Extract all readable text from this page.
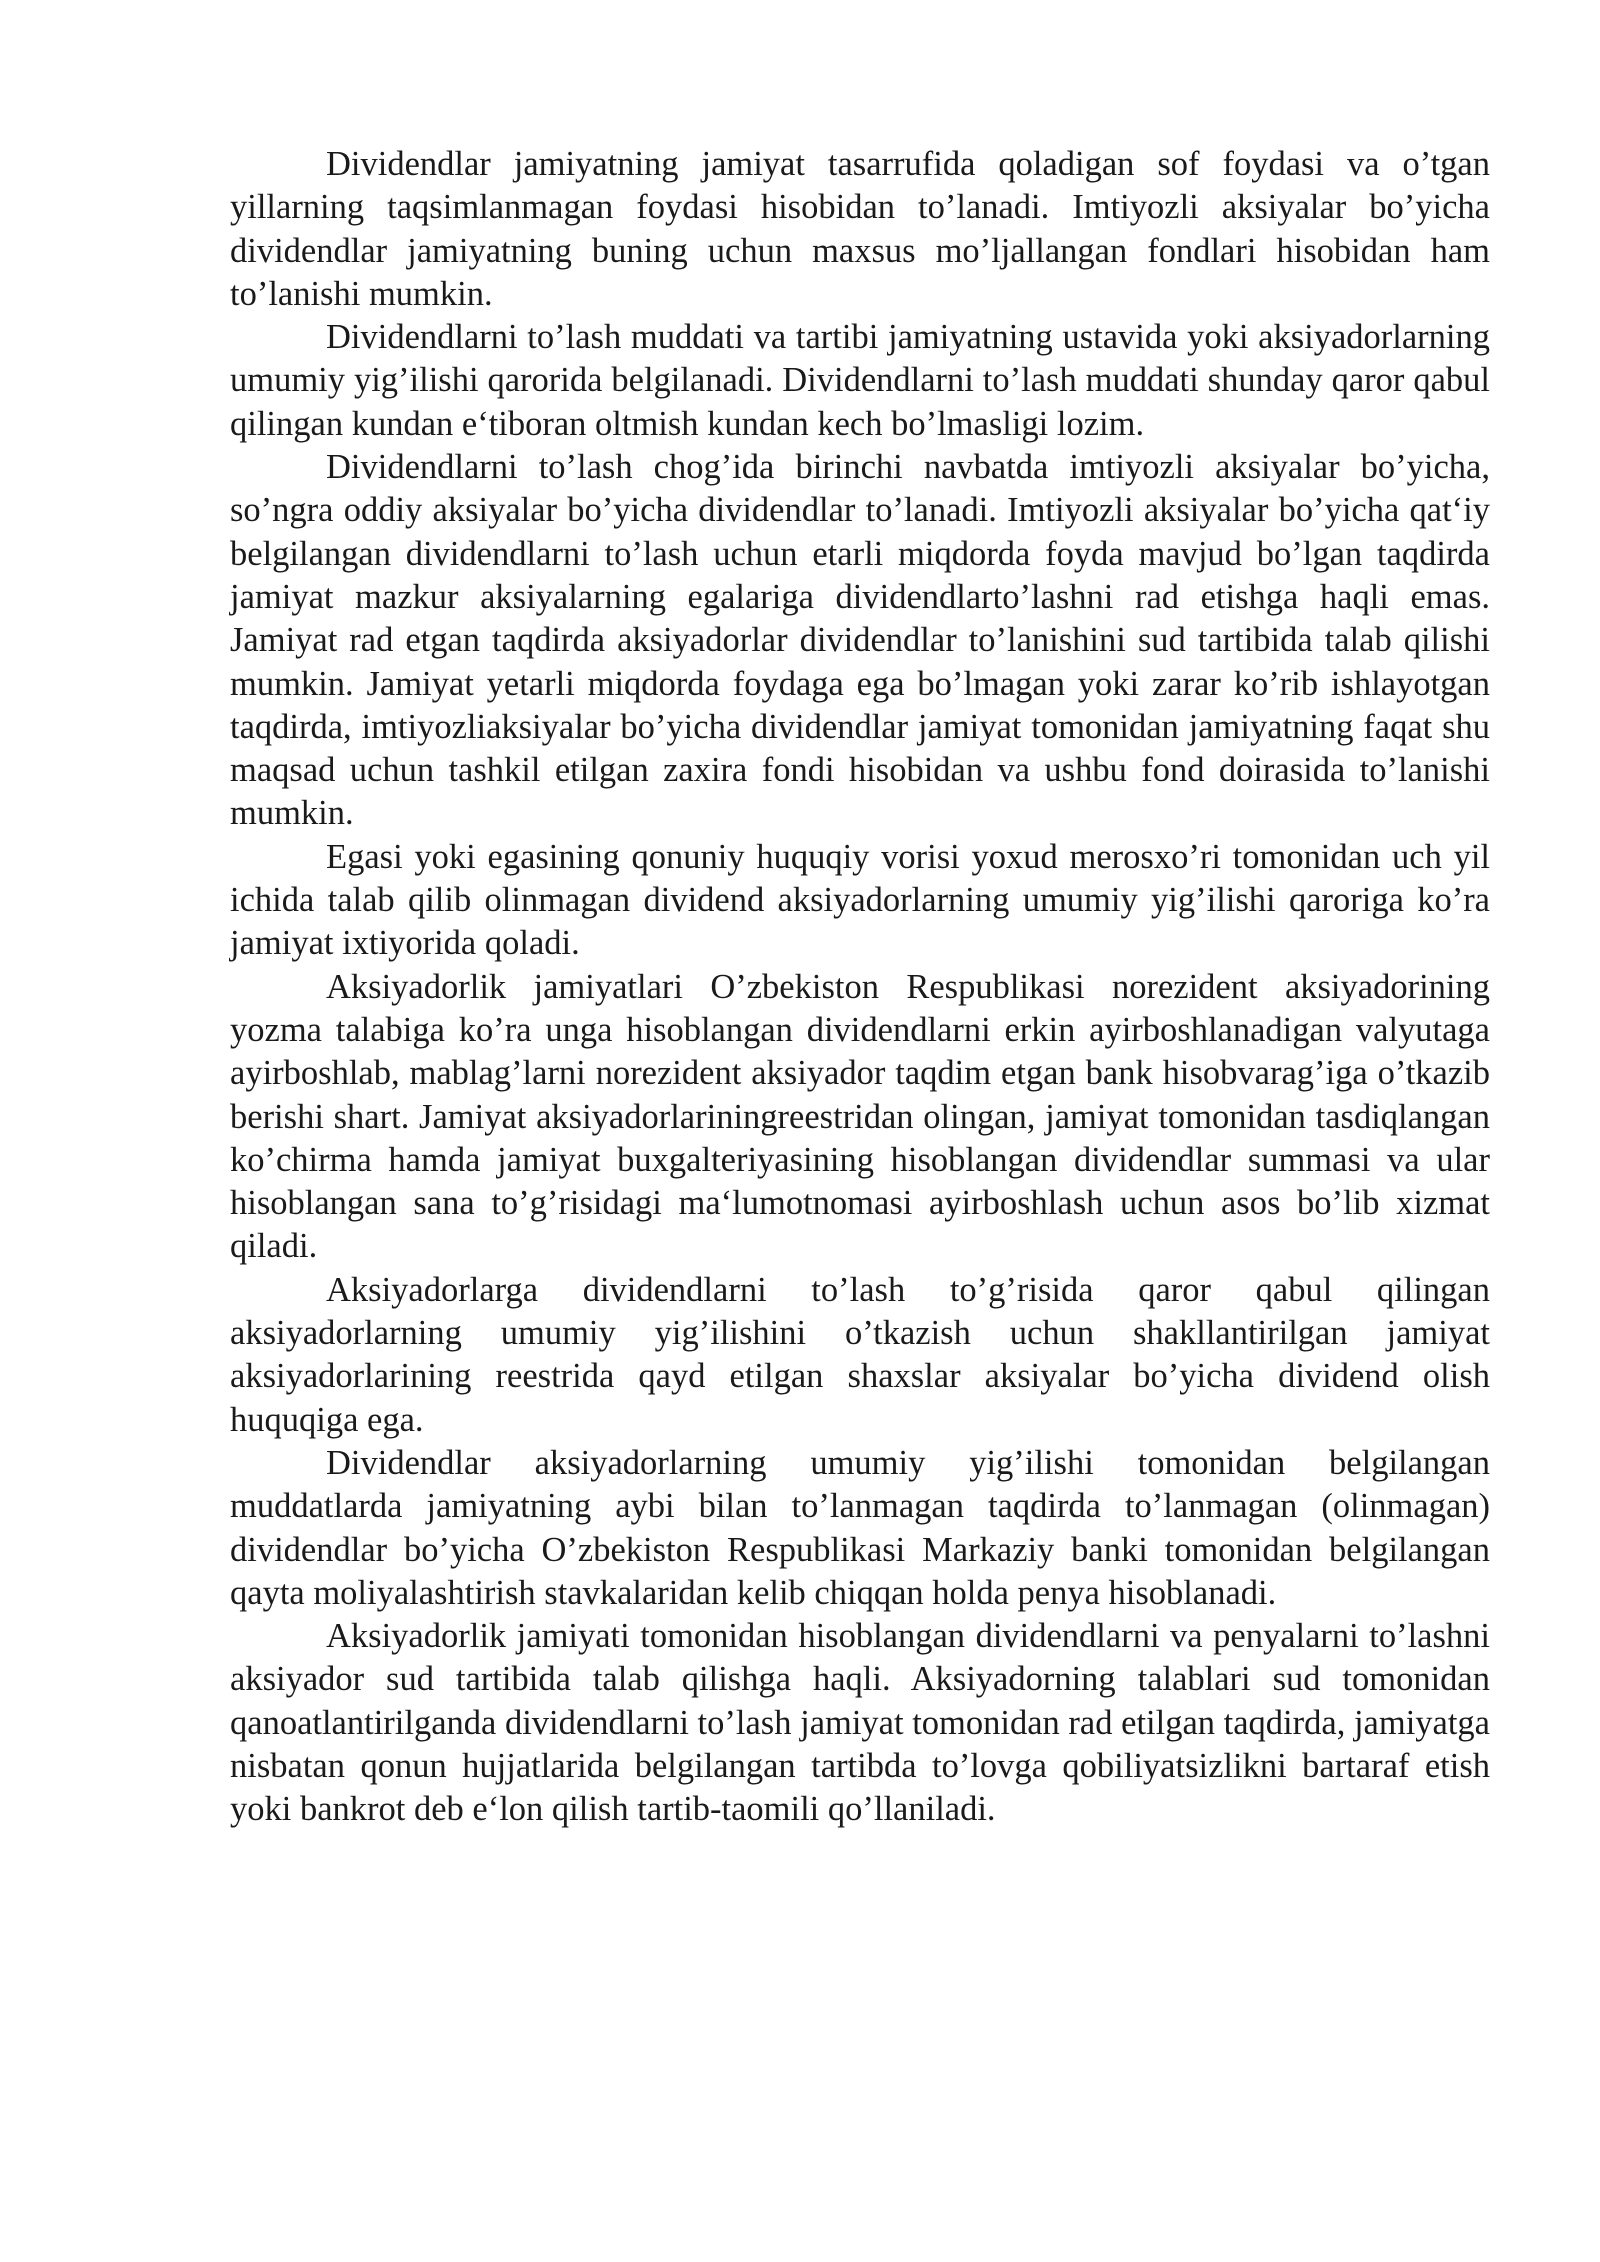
Dividendlar jamiyatning jamiyat tasarrufida qoladigan sof foydasi va o’tgan yillarning taqsimlanmagan foydasi hisobidan to’lanadi. Imtiyozli aksiyalar bo’yicha dividendlar jamiyatning buning uchun maxsus mo’ljallangan fondlari hisobidan ham to’lanishi mumkin.

Dividendlarni to’lash muddati va tartibi jamiyatning ustavida yoki aksiyadorlarning umumiy yig’ilishi qarorida belgilanadi. Dividendlarni to’lash muddati shunday qaror qabul qilingan kundan e‘tiboran oltmish kundan kech bo’lmasligi lozim.

Dividendlarni to’lash chog’ida birinchi navbatda imtiyozli aksiyalar bo’yicha, so’ngra oddiy aksiyalar bo’yicha dividendlar to’lanadi. Imtiyozli aksiyalar bo’yicha qat‘iy belgilangan dividendlarni to’lash uchun etarli miqdorda foyda mavjud bo’lgan taqdirda jamiyat mazkur aksiyalarning egalariga dividendlarto’lashni rad etishga haqli emas. Jamiyat rad etgan taqdirda aksiyadorlar dividendlar to’lanishini sud tartibida talab qilishi mumkin. Jamiyat yetarli miqdorda foydaga ega bo’lmagan yoki zarar ko’rib ishlayotgan taqdirda, imtiyozliaksiyalar bo’yicha dividendlar jamiyat tomonidan jamiyatning faqat shu maqsad uchun tashkil etilgan zaxira fondi hisobidan va ushbu fond doirasida to’lanishi mumkin.

Egasi yoki egasining qonuniy huquqiy vorisi yoxud merosxo’ri tomonidan uch yil ichida talab qilib olinmagan dividend aksiyadorlarning umumiy yig’ilishi qaroriga ko’ra jamiyat ixtiyorida qoladi.

Aksiyadorlik jamiyatlari O’zbekiston Respublikasi norezident aksiyadorining yozma talabiga ko’ra unga hisoblangan dividendlarni erkin ayirboshlanadigan valyutaga ayirboshlab, mablag’larni norezident aksiyador taqdim etgan bank hisobvarag’iga o’tkazib berishi shart. Jamiyat aksiyadorlariningreestridan olingan, jamiyat tomonidan tasdiqlangan ko’chirma hamda jamiyat buxgalteriyasining hisoblangan dividendlar summasi va ular hisoblangan sana to’g’risidagi ma‘lumotnomasi ayirboshlash uchun asos bo’lib xizmat qiladi.

Aksiyadorlarga dividendlarni to’lash to’g’risida qaror qabul qilingan aksiyadorlarning umumiy yig’ilishini o’tkazish uchun shakllantirilgan jamiyat aksiyadorlarining reestrida qayd etilgan shaxslar aksiyalar bo’yicha dividend olish huquqiga ega.

Dividendlar aksiyadorlarning umumiy yig’ilishi tomonidan belgilangan muddatlarda jamiyatning aybi bilan to’lanmagan taqdirda to’lanmagan (olinmagan) dividendlar bo’yicha O’zbekiston Respublikasi Markaziy banki tomonidan belgilangan qayta moliyalashtirish stavkalaridan kelib chiqqan holda penya hisoblanadi.

Aksiyadorlik jamiyati tomonidan hisoblangan dividendlarni va penyalarni to’lashni aksiyador sud tartibida talab qilishga haqli. Aksiyadorning talablari sud tomonidan qanoatlantirilganda dividendlarni to’lash jamiyat tomonidan rad etilgan taqdirda, jamiyatga nisbatan qonun hujjatlarida belgilangan tartibda to’lovga qobiliyatsizlikni bartaraf etish yoki bankrot deb e‘lon qilish tartib-taomili qo’llaniladi.
